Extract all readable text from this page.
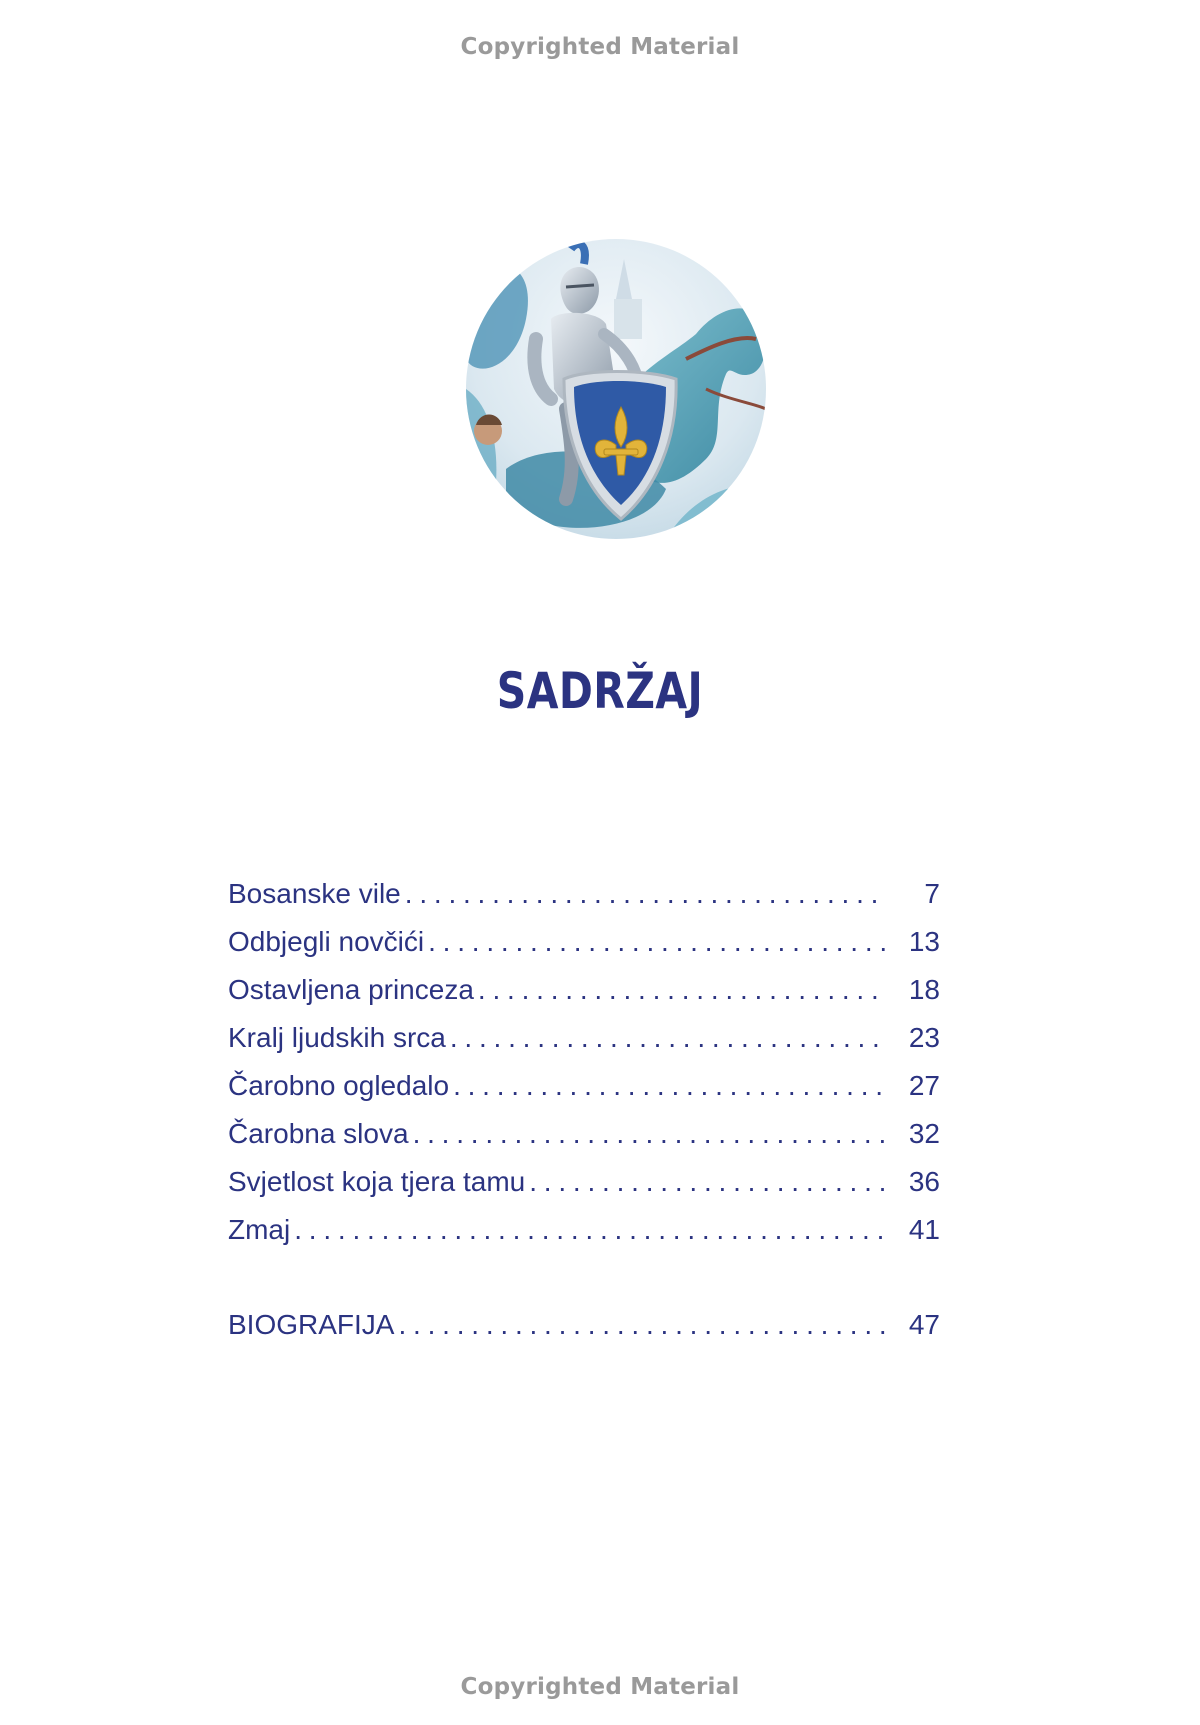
Copyrighted Material
SADRŽAJ
Bosanske vile . . .	7
Odbjegli novčići . . .	13
Ostavljena princeza . . .	18
Kralj ljudskih srca . . .	23
Čarobno ogledalo . . .	27
Čarobna slova . . .	32
Svjetlost koja tjera tamu . . .	36
Zmaj . . .	41
BIOGRAFIJA . . .	47
Copyrighted Material
